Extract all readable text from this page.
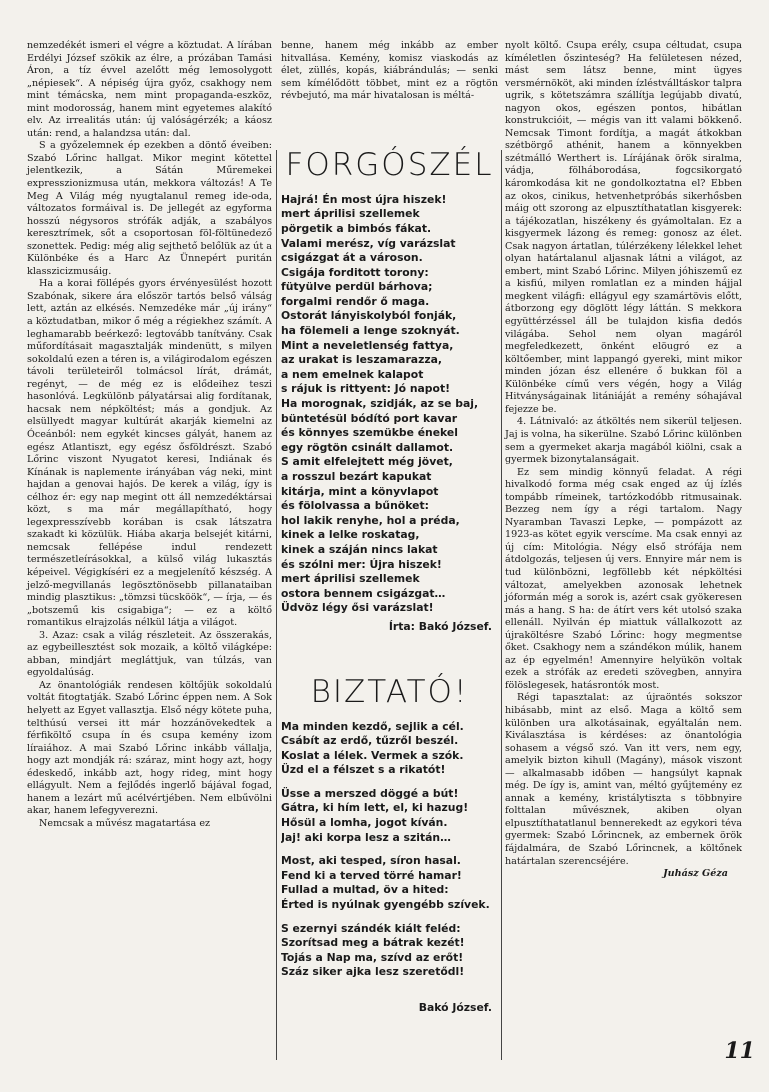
nemzedékét ismeri el végre a köztudat. A lírában Erdélyi József szökik az élre, a prózában Tamási Áron, a tíz évvel azelőtt még lemosolygott „népiesek“. A népiség újra győz, csakhogy nem mint témácska, nem mint propaganda-eszköz, mint modorosság, hanem mint egyetemes alakító elv. Az irrealitás után: új valóságérzék; a káosz után: rend, a halandzsa után: dal.

S a győzelemnek ép ezekben a döntő éveiben: Szabó Lőrinc hallgat. Mikor megint kötettel jelentkezik, a Sátán Műremekei expresszionizmusa után, mekkora változás! A Te Meg A Világ még nyugtalanul remeg ide-oda, változatos formáival is. De jellegét az egyforma hosszú négysoros strófák adják, a szabályos keresztrímek, sőt a csoportosan föl-föltünedező szonettek. Pedig: még alig sejthető belőlük az út a Különbéke és a Harc Az Ünnepért puritán klasszicizmusáig.

Ha a korai föllépés gyors érvényesülést hozott Szabónak, sikere ára először tartós belső válság lett, aztán az elkésés. Nemzedéke már „új irány“ a köztudatban, mikor ő még a régiekhez számít. A leghamarabb beérkező: legtovább tanítvány. Csak műfordításait magasztalják mindenütt, s milyen sokoldalú ezen a téren is, a világirodalom egészen távoli területeiről tolmácsol lírát, drámát, regényt, — de még ez is elődeihez teszi hasonlóvá. Legkülönb pályatársai alig fordítanak, hacsak nem népköltést; más a gondjuk. Az elsüllyedt magyar kultúrát akarják kiemelni az Óceánból: nem egykét kincses gályát, hanem az egész Atlantiszt, egy egész ősföldrészt. Szabó Lőrinc viszont Nyugatot keresi, Indiának és Kínának is naplemente irányában vág neki, mint hajdan a genovai hajós. De kerek a világ, így is célhoz ér: egy nap megint ott áll nemzedéktársai közt, s ma már megállapítható, hogy legexpresszívebb korában is csak látszatra szakadt ki közülük. Hiába akarja belsejét kitárni, nemcsak fellépése indul rendezett természetleírásokkal, a külső világ lukasztás képeivel. Végigkíséri ez a megjelenítő készség. A jelző-megvillanás legösztönösebb pillanataiban mindig plasztikus: „tömzsi tücsköök“, — írja, — és „botszemű kis csigabiga“; — ez a költő romantikus elrajzolás nélkül látja a világot.

3. Azaz: csak a világ részleteit. Az összerakás, az egybeillesztést sok mozaik, a költő világképe: abban, mindjárt megláttjuk, van túlzás, van egyoldalúság.

Az önantológiák rendesen költőjük sokoldalú voltát fitogtatják. Szabó Lőrinc éppen nem. A Sok helyett az Egyet vallasztja. Első négy kötete puha, telthúsú versei itt már hozzánövekedtek a férfiköltő csupa ín és csupa kemény izom líraiához. A mai Szabó Lőrinc inkább vállalja, hogy azt mondják rá: száraz, mint hogy azt, hogy édeskedő, inkább azt, hogy rideg, mint hogy ellágyult. Nem a fejlődés ingerlő bájával fogad, hanem a lezárt mű acélvértjében. Nem elbűvölni akar, hanem lefegyverezni.

Nemcsak a művész magatartása ez

benne, hanem még inkább az ember hitvallása. Kemény, komisz viaskodás az élet, züllés, kopás, kiábrándulás; — senki sem kímélődött többet, mint ez a rögtön révbejutó, ma már hivatalosan is méltá-

FORGÓSZÉL
Hajrá! Én most újra hiszek!
mert áprilisi szellemek
pörgetik a bimbós fákat.
Valami merész, víg varázslat
csigázgat át a városon.
Csigája forditott torony:
fütyülve perdül bárhova;
forgalmi rendőr ő maga.
Ostorát lányiskolyból fonják,
ha fölemeli a lenge szoknyát.
Mint a neveletlenség fattya,
az urakat is leszamarazza,
a nem emelnek kalapot
s rájuk is rittyent: Jó napot!
Ha morognak, szidják, az se baj,
büntetésül bódító port kavar
és könnyes szemükbe énekel
egy rögtön csinált dallamot.
S amit elfelejtett még jövet,
a rosszul bezárt kapukat
kitárja, mint a könyvlapot
és fölolvassa a bűnöket:
hol lakik renyhe, hol a préda,
kinek a lelke roskatag,
kinek a száján nincs lakat
és szólni mer: Újra hiszek!
mert áprilisi szellemek
ostora bennem csigázgat…
Üdvöz légy ősi varázslat!
Írta: Bakó József.
BIZTATÓ!
Ma minden kezdő, sejlik a cél.
Csábít az erdő, tűzről beszél.
Koslat a lélek. Vermek a szók.
Üzd el a félszet s a rikatót!
Üsse a merszed döggé a bút!
Gátra, ki hím lett, el, ki hazug!
Hősül a lomha, jogot kíván.
Jaj! aki korpa lesz a szitán…
Most, aki tesped, síron hasal.
Fend ki a terved törré hamar!
Fullad a multad, öv a hited:
Érted is nyúlnak gyengébb szívek.
S ezernyi szándék kiált feléd:
Szorítsad meg a bátrak kezét!
Tojás a Nap ma, szívd az erőt!
Száz siker ajka lesz szeretődl!
Bakó József.

nyolt költő. Csupa erély, csupa céltudat, csupa kíméletlen őszinteség? Ha felületesen nézed, mást sem látsz benne, mint ügyes versmérnököt, aki minden ízléstválltáskor talpra ugrik, s kötetszámra szállítja legújabb divatú, nagyon okos, egészen pontos, hibátlan konstrukcióit, — mégis van itt valami bökkenő. Nemcsak Timont fordítja, a magát átkokban szétbörgő athénit, hanem a könnyekben szétmálló Werthert is. Lírájának örök siralma, vádja, fölháborodása, fogcsikorgató káromkodása kit ne gondolkoztatna el? Ebben az okos, cinikus, hetvenhetpróbás sikerhősben máig ott szorong az elpusztíthatatlan kisgyerek: a tájékozatlan, hiszékeny és gyámoltalan. Ez a kisgyermek lázong és remeg: gonosz az élet. Csak nagyon ártatlan, túlérzékeny lélekkel lehet olyan határtalanul aljasnak látni a világot, az embert, mint Szabó Lőrinc. Milyen jóhiszemű ez a kisfiú, milyen romlatlan ez a minden hájjal megkent világfi: ellágyul egy szamártövis előtt, átborzong egy döglött légy láttán. S mekkora együttérzéssel áll be tulajdon kisfia dedós világába. Sehol nem olyan magáról megfeledkezett, önként elöugró ez a költőember, mint lappangó gyereki, mint mikor minden józan ész ellenére ő bukkan föl a Különbéke című vers végén, hogy a Világ Hitványságainak litániáját a remény sóhajával fejezze be.

4. Látnivaló: az átköltés nem sikerül teljesen. Jaj is volna, ha sikerülne. Szabó Lőrinc különben sem a gyermeket akarja magából kiölni, csak a gyermek bizonytalanságait.

Ez sem mindig könnyű feladat. A régi hivalkodó forma még csak enged az új ízlés tompább rímeinek, tartózkodóbb ritmusainak. Bezzeg nem így a régi tartalom. Nagy Nyaramban Tavaszi Lepke, — pompázott az 1923-as kötet egyik verscíme. Ma csak ennyi az új cím: Mitológia. Négy első strófája nem átdolgozás, teljesen új vers. Ennyire már nem is tud különbözni, legföllebb két népköltési változat, amelyekben azonosak lehetnek jóformán még a sorok is, azért csak gyökeresen más a hang. S ha: de átírt vers két utolsó szaka ellenáll. Nyilván ép miattuk vállalkozott az újraköltésre Szabó Lőrinc: hogy megmentse őket. Csakhogy nem a szándékon múlik, hanem az ép egyelmén! Amennyire helyükön voltak ezek a strófák az eredeti szövegben, annyira fölöslegesek, hatásrontók most.

Régi tapasztalat: az újraöntés sokszor hibásabb, mint az első. Maga a költő sem különben ura alkotásainak, egyáltalán nem. Kiválasztása is kérdéses: az önantológia sohasem a végső szó. Van itt vers, nem egy, amelyik bizton kihull (Magány), mások viszont — alkalmasabb időben — hangsúlyt kapnak még. De így is, amint van, méltó gyűjtemény ez annak a kemény, kristálytiszta s többnyire folttalan művésznek, akiben olyan elpusztíthatatlanul bennerekedt az egykori téva gyermek: Szabó Lőrincnek, az embernek örök fájdalmára, de Szabó Lőrincnek, a költőnek határtalan szerencséjére.

Juhász Géza
11
